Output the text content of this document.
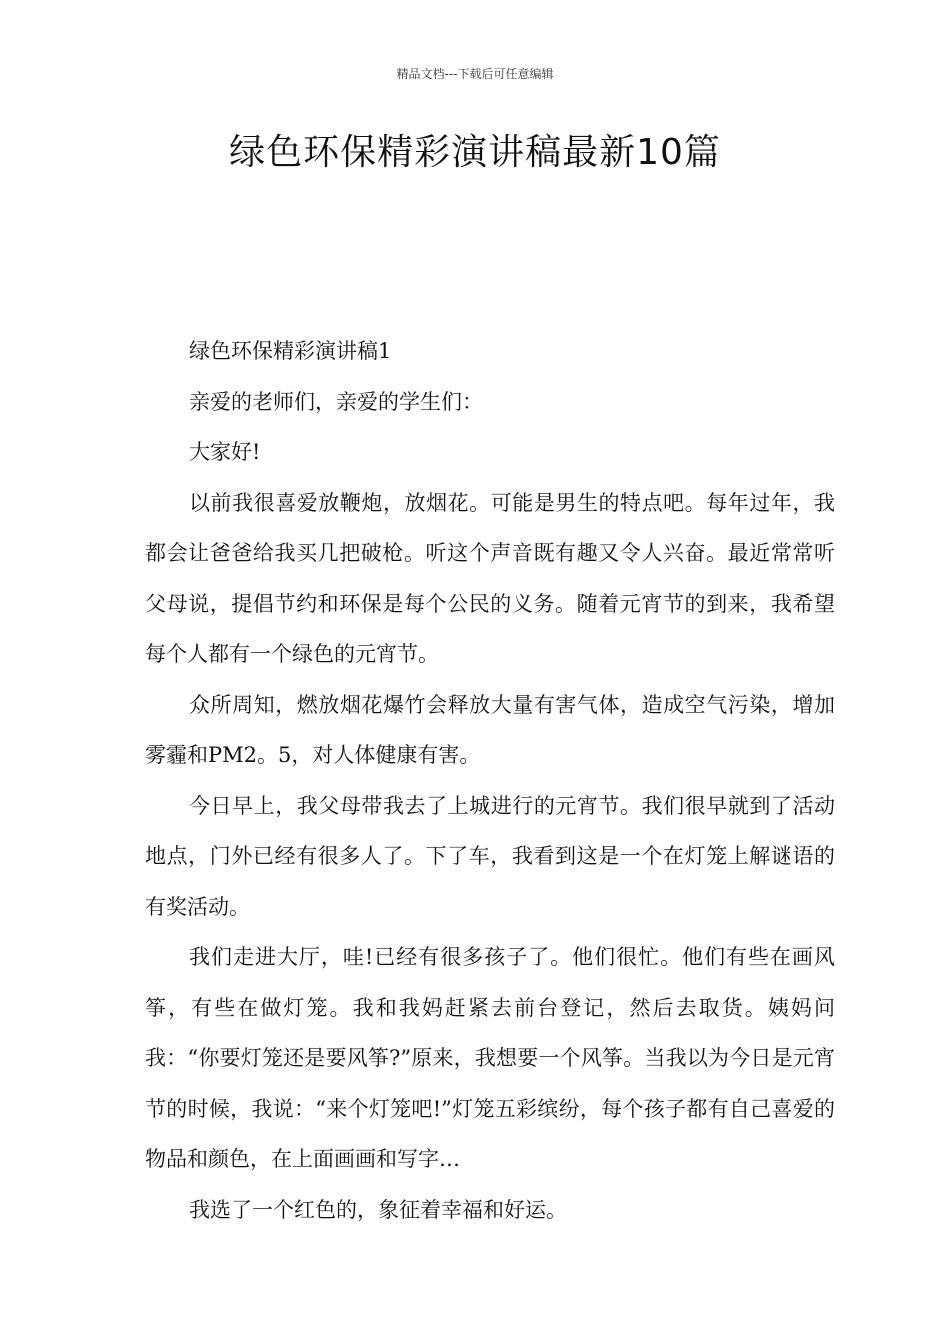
精品文档---下载后可任意编辑
绿色环保精彩演讲稿最新10篇

绿色环保精彩演讲稿1

亲爱的老师们，亲爱的学生们：

大家好!

以前我很喜爱放鞭炮，放烟花。可能是男生的特点吧。每年过年，我都会让爸爸给我买几把破枪。听这个声音既有趣又令人兴奋。最近常常听父母说，提倡节约和环保是每个公民的义务。随着元宵节的到来，我希望每个人都有一个绿色的元宵节。

众所周知，燃放烟花爆竹会释放大量有害气体，造成空气污染，增加雾霾和PM2。5，对人体健康有害。

今日早上，我父母带我去了上城进行的元宵节。我们很早就到了活动地点，门外已经有很多人了。下了车，我看到这是一个在灯笼上解谜语的有奖活动。

我们走进大厅，哇!已经有很多孩子了。他们很忙。他们有些在画风筝，有些在做灯笼。我和我妈赶紧去前台登记，然后去取货。姨妈问我：“你要灯笼还是要风筝?”原来，我想要一个风筝。当我以为今日是元宵节的时候，我说：“来个灯笼吧!”灯笼五彩缤纷，每个孩子都有自己喜爱的物品和颜色，在上面画画和写字…

我选了一个红色的，象征着幸福和好运。
